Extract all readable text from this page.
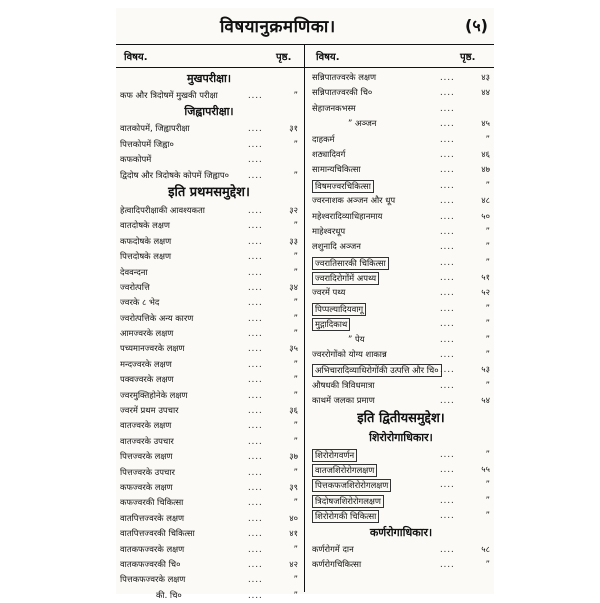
विषयानुक्रमणिका।	(५)
विषय.	पृष्ठ. विषय.	पृष्ठ.
मुखपरीक्षा।
कफ और त्रिदोषमें मुखकी परीक्षा	....	”
जिह्वापरीक्षा।
वातकोपमें, जिह्वापरीक्षा	....	३१
पित्तकोपमें जिह्वा०	....	”
कफकोपमें	....
द्विदोष और त्रिदोषके कोपमें जिह्वाप० ....	”
इति प्रथमसमुद्देश।
हेत्वादिपरीक्षाकी आवश्यकता	....	३२
वातदोषके लक्षण	....	”
कफदोषके लक्षण	....	३३
पित्तदोषके लक्षण	....	”
देववन्दना	....	”
ज्वरोत्पत्ति	....	३४
ज्वरके ८ भेद	....	”
ज्वरोत्पत्तिके अन्य कारण	....	”
आमज्वरके लक्षण	....	”
पच्यमानज्वरके लक्षण	....	३५
मन्दज्वरके लक्षण	....	”
पक्वज्वरके लक्षण	....	”
ज्वरमुक्तिहोनेके लक्षण	....	”
ज्वरमें प्रथम उपचार	....	३६
वातज्वरके लक्षण	....	”
वातज्वरके उपचार	....	”
पित्तज्वरके लक्षण	....	३७
पित्तज्वरके उपचार	....	”
कफज्वरके लक्षण	....	३९
कफज्वरकी चिकित्सा	....	”
वातपित्तज्वरके लक्षण	....	४०
वातपित्तज्वरकी चिकित्सा	....	४१
वातकफज्वरके लक्षण	....	”
वातकफज्वरकी चि०	....	४२
पित्तकफज्वरके लक्षण	....	”
की. चि०	....	”
सन्निपातज्वरके लक्षण	....	४३
सन्निपातज्वरकी चि०	....	४४
सेहाजनकभस्म	....
” अञ्जन	....	४५
दाहकर्म	....	”
शठ्यादिवर्ग	....	४६
सामान्यचिकित्सा	....	४७
विषमज्वरचिकित्सा	....	”
ज्वरनाशक अञ्जन और धूप	....	४८
महेश्वरादिव्याधिहानमाय	....	५०
माहेश्वरधूप	....	”
लशुनादि अञ्जन	....	”
ज्वरातिसारकी चिकित्सा	....	”
ज्वरादिरोगोंमें अपथ्य	....	५१
ज्वरमें पथ्य	....	५२
पिप्पल्यादियवागू	....	”
मुद्गादिकाथ	....	”
” पेय	....	”
ज्वररोगोंको योग्य शाकान्न	....	”
अभिचारादिव्याधिरोगोंकी उत्पत्ति और चि० ....	५३
औषधकी त्रिविधमात्रा	....	”
काथमें जलका प्रमाण	....	५४
इति द्वितीयसमुद्देश।
शिरोरोगाधिकार।
शिरोरोगवर्णन	....	”
वातजशिरोरोगलक्षण	....	५५
पित्तकफजशिरोरोगलक्षण	....	”
त्रिदोषजशिरोरोगलक्षण	....	”
शिरोरोगकी चिकित्सा	....	”
कर्णरोगाधिकार।
कर्णरोगमें दान	....	५८
कर्णरोगचिकित्सा	....	”
